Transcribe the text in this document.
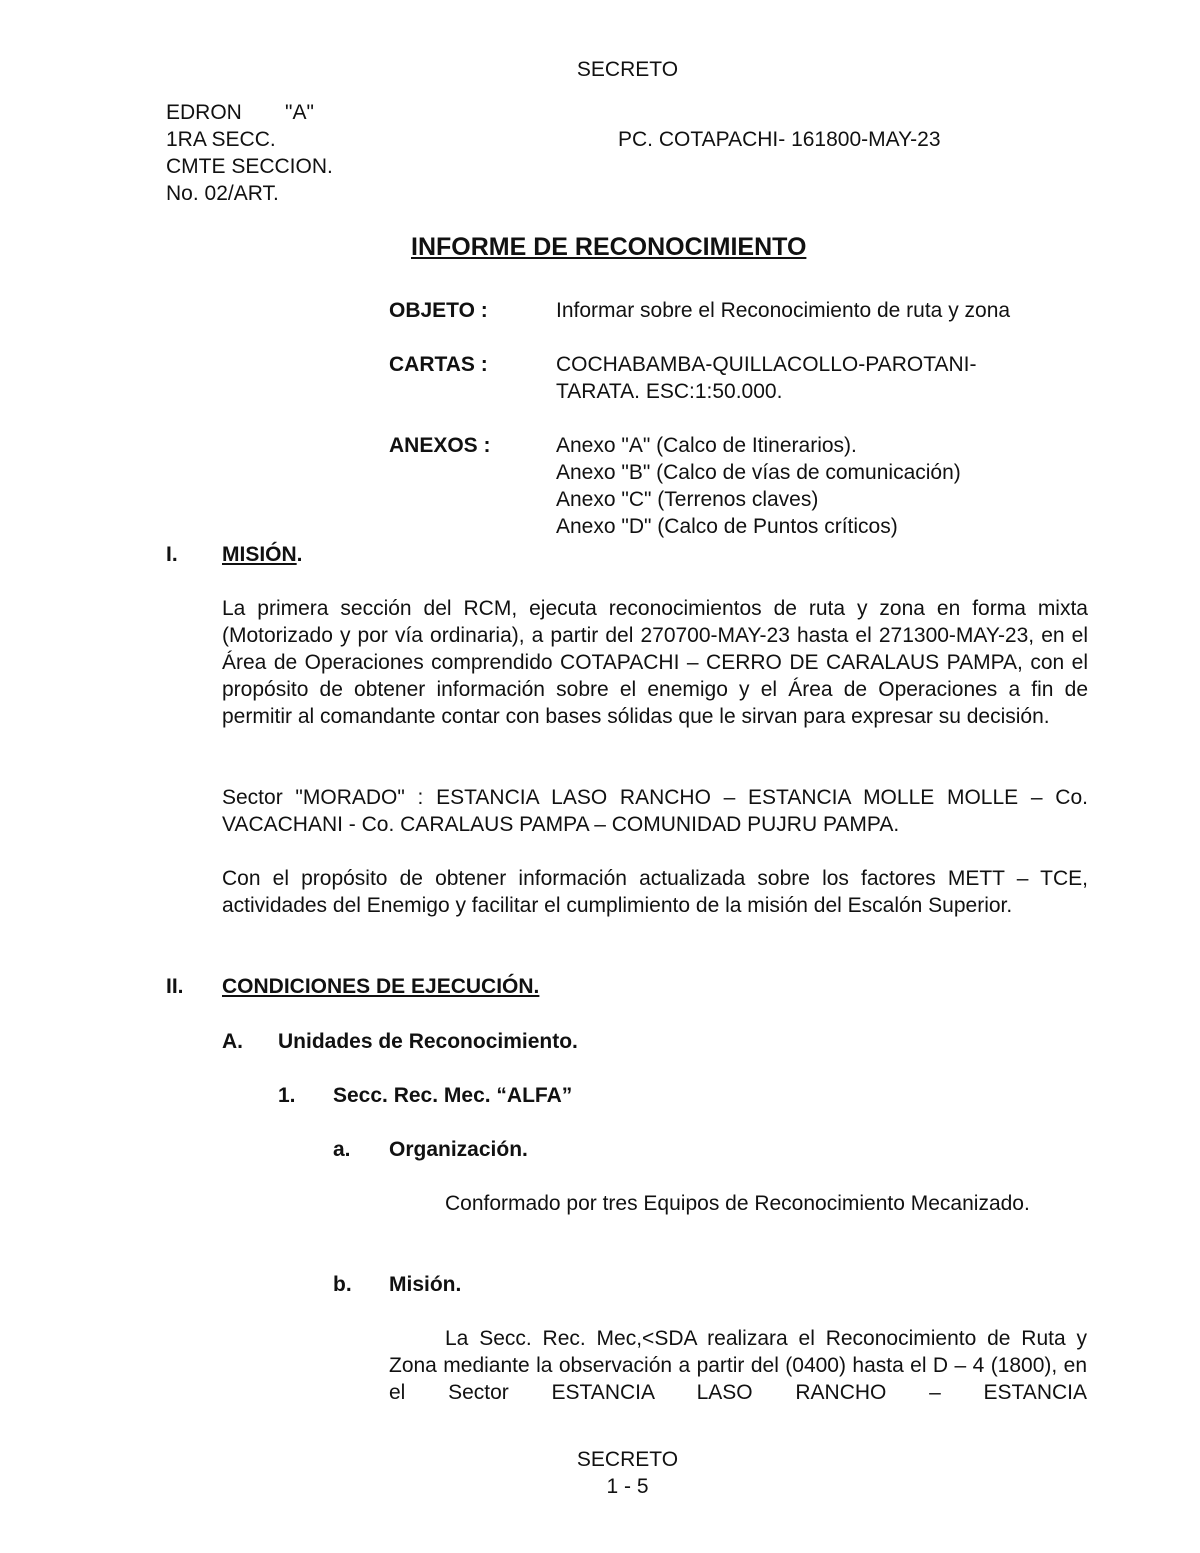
SECRETO
EDRON "A"
1RA SECC.	PC. COTAPACHI- 161800-MAY-23
CMTE SECCION.
No. 02/ART.
INFORME DE RECONOCIMIENTO
OBJETO :	Informar sobre el Reconocimiento de ruta y zona
CARTAS :	COCHABAMBA-QUILLACOLLO-PAROTANI-
TARATA. ESC:1:50.000.
ANEXOS :	Anexo "A" (Calco de Itinerarios).
Anexo "B" (Calco de vías de comunicación)
Anexo "C" (Terrenos claves)
Anexo "D" (Calco de Puntos críticos)
I. MISIÓN.
La primera sección del RCM, ejecuta reconocimientos de ruta y zona en forma mixta (Motorizado y por vía ordinaria), a partir del 270700-MAY-23 hasta el 271300-MAY-23, en el Área de Operaciones comprendido COTAPACHI – CERRO DE CARALAUS PAMPA, con el propósito de obtener información sobre el enemigo y el Área de Operaciones a fin de permitir al comandante contar con bases sólidas que le sirvan para expresar su decisión.
Sector "MORADO" : ESTANCIA LASO RANCHO – ESTANCIA MOLLE MOLLE – Co. VACACHANI - Co. CARALAUS PAMPA – COMUNIDAD PUJRU PAMPA.
Con el propósito de obtener información actualizada sobre los factores METT – TCE, actividades del Enemigo y facilitar el cumplimiento de la misión del Escalón Superior.
II. CONDICIONES DE EJECUCIÓN.
A. Unidades de Reconocimiento.
1. Secc. Rec. Mec. “ALFA”
a. Organización.
Conformado por tres Equipos de Reconocimiento Mecanizado.
b. Misión.
La Secc. Rec. Mec,<SDA realizara el Reconocimiento de Ruta y Zona mediante la observación a partir del (0400) hasta el D – 4 (1800), en el Sector ESTANCIA LASO RANCHO – ESTANCIA
SECRETO
1 - 5
